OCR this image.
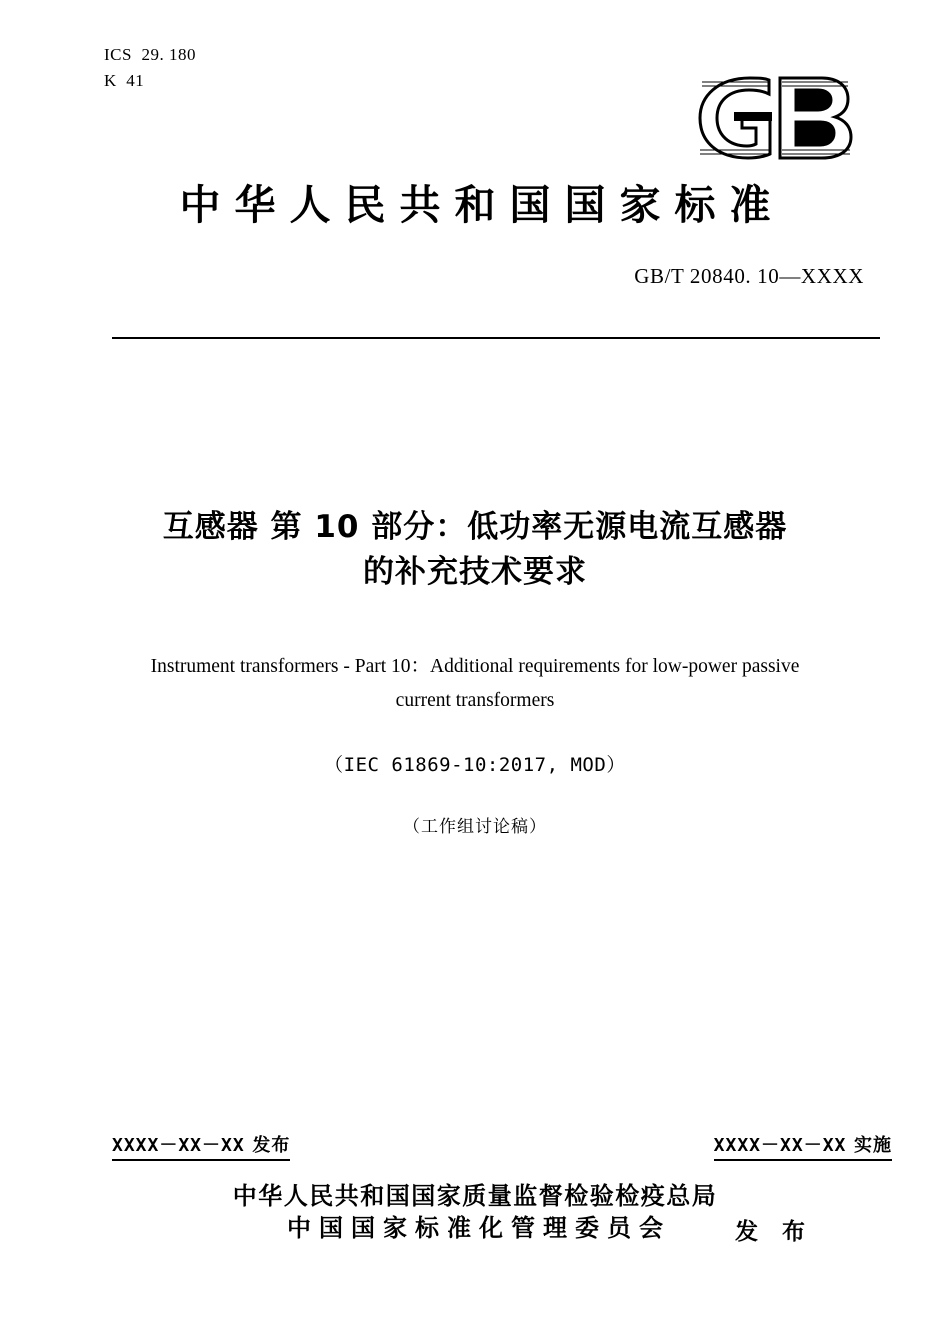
ICS  29. 180
K  41
中华人民共和国国家标准
GB/T 20840. 10—XXXX
互感器 第 10 部分：低功率无源电流互感器
的补充技术要求
Instrument transformers - Part 10：Additional requirements for low-power passive
current transformers
（IEC 61869-10:2017, MOD）
（工作组讨论稿）
XXXX－XX－XX 发布	XXXX－XX－XX 实施
中华人民共和国国家质量监督检验检疫总局
中国国家标准化管理委员会	发 布
